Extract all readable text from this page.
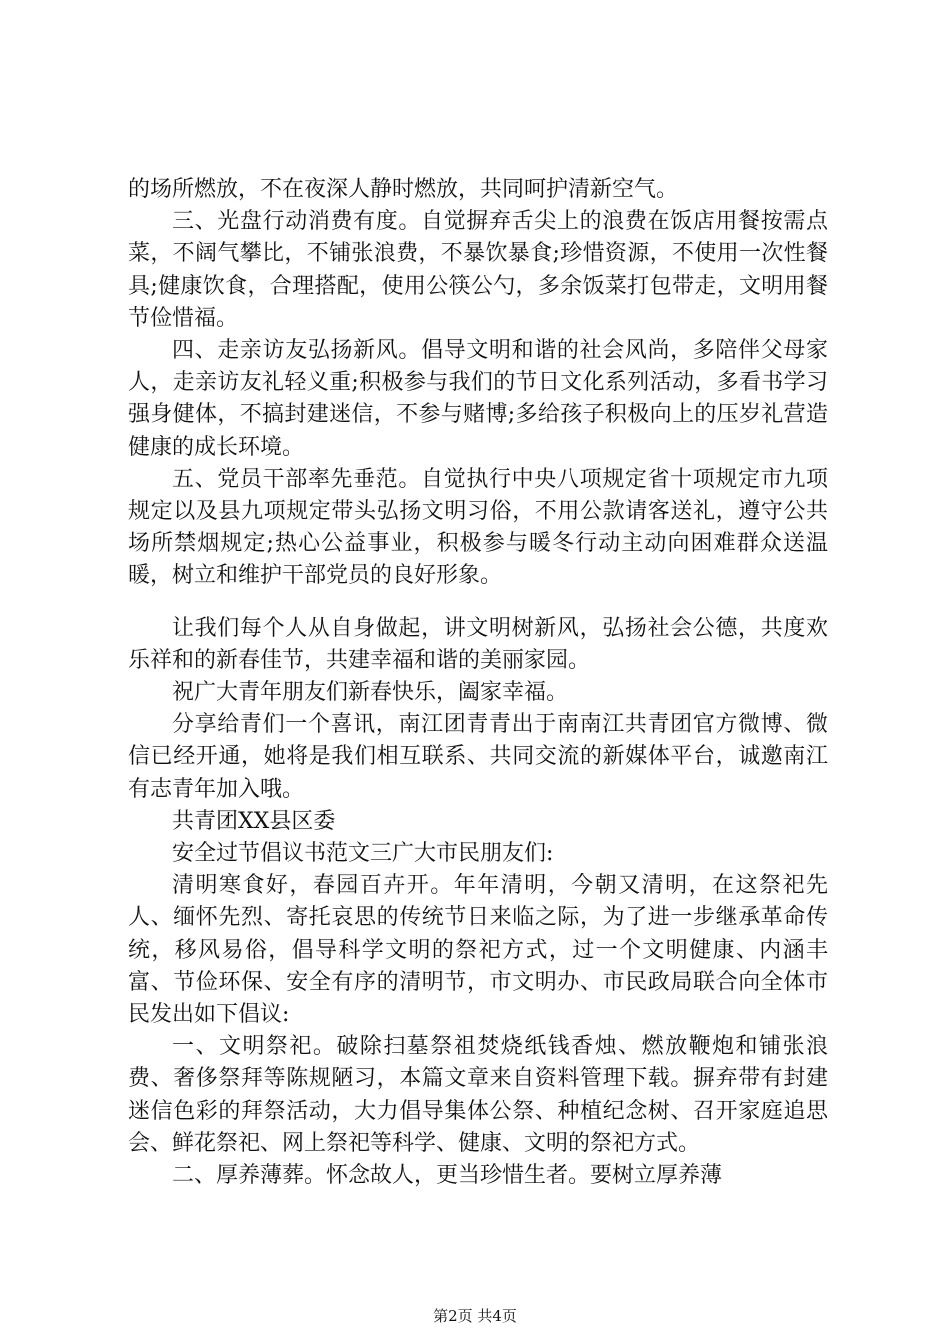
的场所燃放，不在夜深人静时燃放，共同呵护清新空气。

三、光盘行动消费有度。自觉摒弃舌尖上的浪费在饭店用餐按需点菜，不阔气攀比，不铺张浪费，不暴饮暴食;珍惜资源，不使用一次性餐具;健康饮食，合理搭配，使用公筷公勺，多余饭菜打包带走，文明用餐节俭惜福。

四、走亲访友弘扬新风。倡导文明和谐的社会风尚，多陪伴父母家人，走亲访友礼轻义重;积极参与我们的节日文化系列活动，多看书学习强身健体，不搞封建迷信，不参与赌博;多给孩子积极向上的压岁礼营造健康的成长环境。

五、党员干部率先垂范。自觉执行中央八项规定省十项规定市九项规定以及县九项规定带头弘扬文明习俗，不用公款请客送礼，遵守公共场所禁烟规定;热心公益事业，积极参与暖冬行动主动向困难群众送温暖，树立和维护干部党员的良好形象。

让我们每个人从自身做起，讲文明树新风，弘扬社会公德，共度欢乐祥和的新春佳节，共建幸福和谐的美丽家园。

祝广大青年朋友们新春快乐，阖家幸福。

分享给青们一个喜讯，南江团青青出于南南江共青团官方微博、微信已经开通，她将是我们相互联系、共同交流的新媒体平台，诚邀南江有志青年加入哦。

共青团XX县区委

安全过节倡议书范文三广大市民朋友们:

清明寒食好，春园百卉开。年年清明，今朝又清明，在这祭祀先人、缅怀先烈、寄托哀思的传统节日来临之际，为了进一步继承革命传统，移风易俗，倡导科学文明的祭祀方式，过一个文明健康、内涵丰富、节俭环保、安全有序的清明节，市文明办、市民政局联合向全体市民发出如下倡议:

一、文明祭祀。破除扫墓祭祖焚烧纸钱香烛、燃放鞭炮和铺张浪费、奢侈祭拜等陈规陋习，本篇文章来自资料管理下载。摒弃带有封建迷信色彩的拜祭活动，大力倡导集体公祭、种植纪念树、召开家庭追思会、鲜花祭祀、网上祭祀等科学、健康、文明的祭祀方式。

二、厚养薄葬。怀念故人，更当珍惜生者。要树立厚养薄

第2页 共4页
